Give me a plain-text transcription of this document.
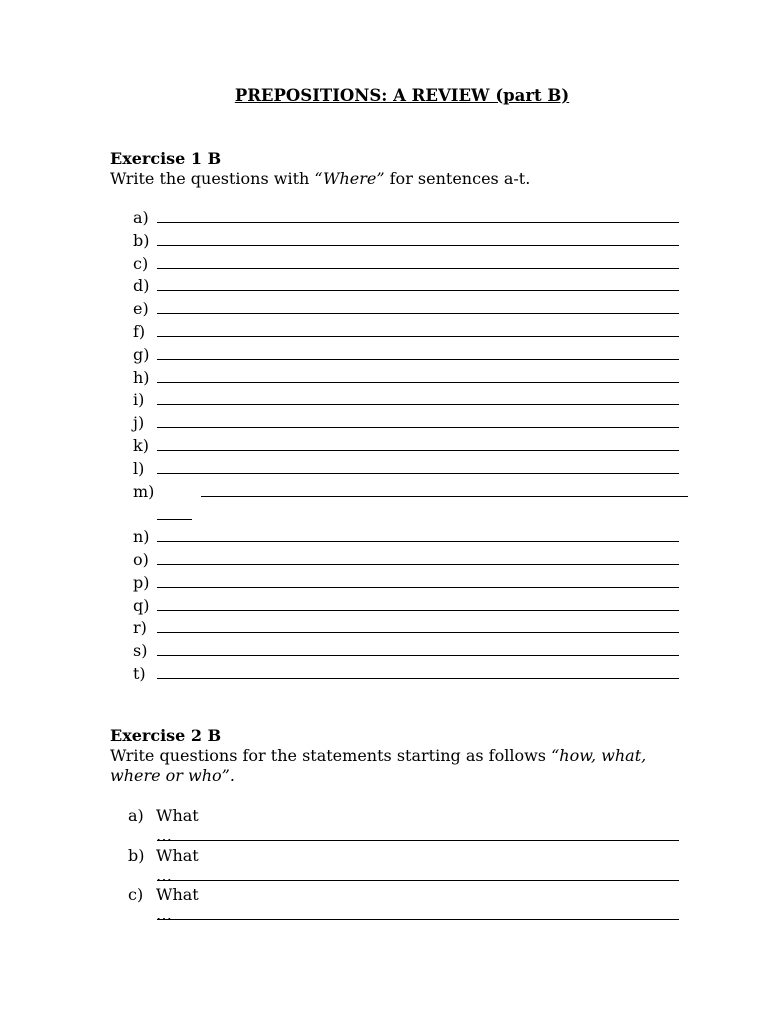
PREPOSITIONS: A REVIEW (part B)
Exercise 1 B
Write the questions with “Where” for sentences a-t.
a)
b)
c)
d)
e)
f)
g)
h)
i)
j)
k)
l)
m)
n)
o)
p)
q)
r)
s)
t)
Exercise 2 B
Write questions for the statements starting as follows “how, what, where or who”.
a) What …
b) What …
c) What …
